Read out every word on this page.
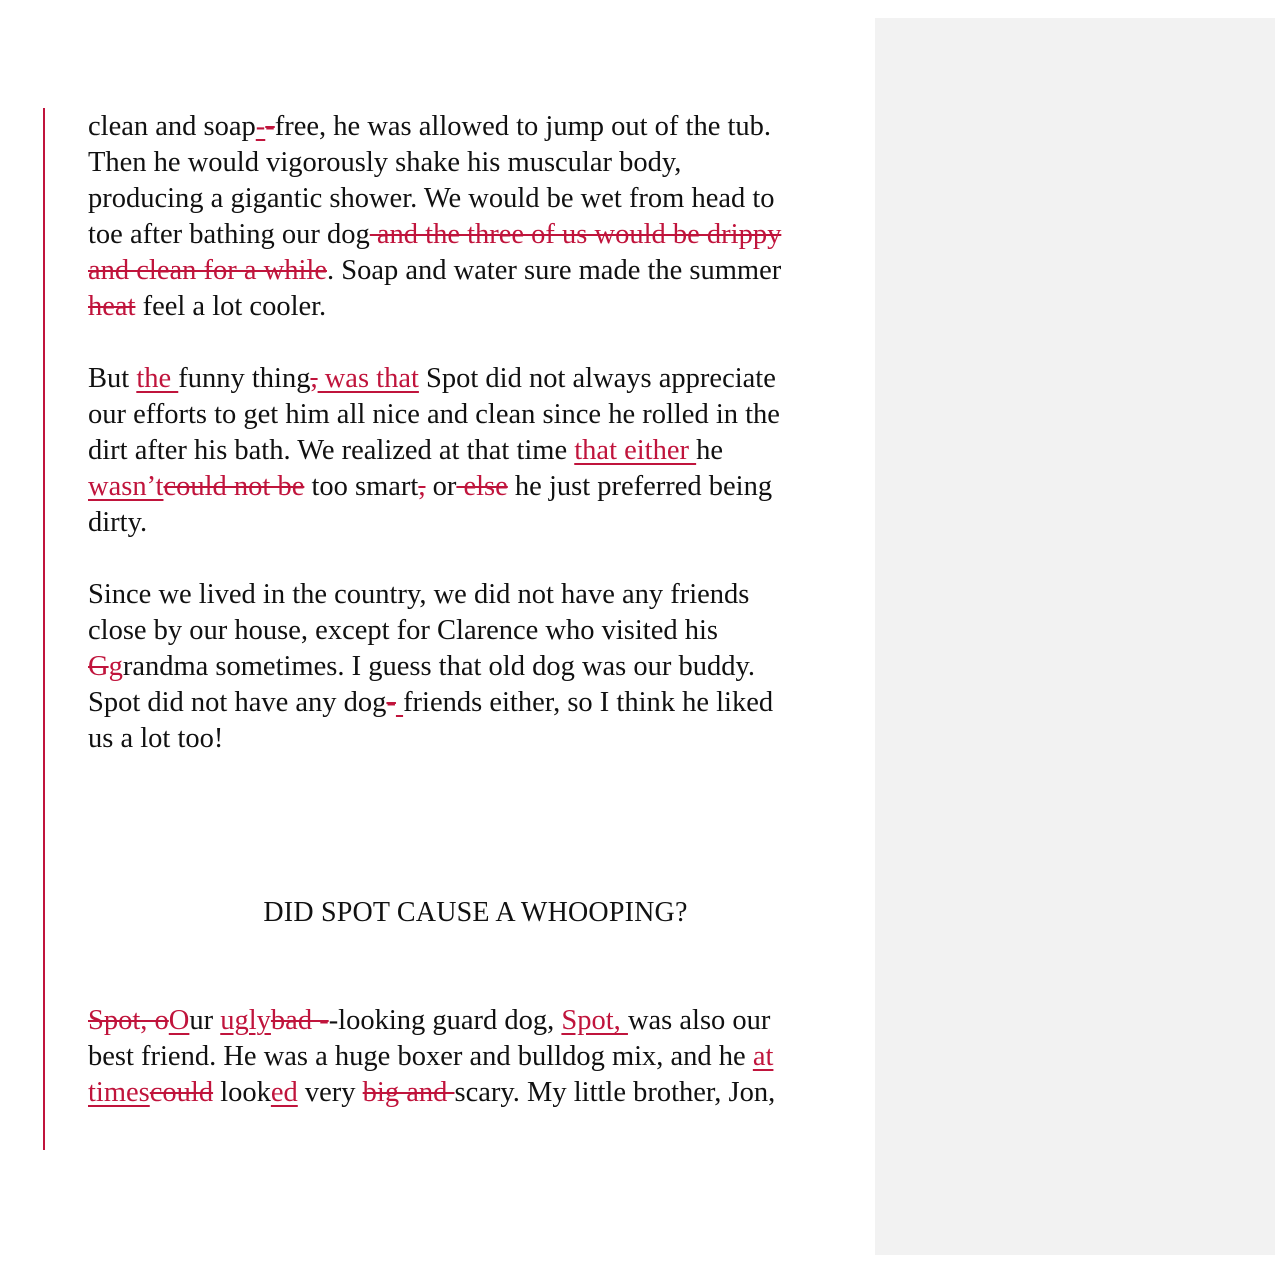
clean and soap--free, he was allowed to jump out of the tub.

Then he would vigorously shake his muscular body,

producing a gigantic shower. We would be wet from head to

toe after bathing our dog and the three of us would be drippy

and clean for a while. Soap and water sure made the summer

heat feel a lot cooler.

But the funny thing, was that Spot did not always appreciate

our efforts to get him all nice and clean since he rolled in the

dirt after his bath. We realized at that time that either he

wasn’tcould not be too smart, or else he just preferred being

dirty.

Since we lived in the country, we did not have any friends

close by our house, except for Clarence who visited his

Ggrandma sometimes. I guess that old dog was our buddy.

Spot did not have any dog- friends either, so I think he liked

us a lot too!

DID SPOT CAUSE A WHOOPING?

Spot, oOur uglybad --looking guard dog, Spot, was also our

best friend. He was a huge boxer and bulldog mix, and he at

timescould looked very big and scary. My little brother, Jon,
